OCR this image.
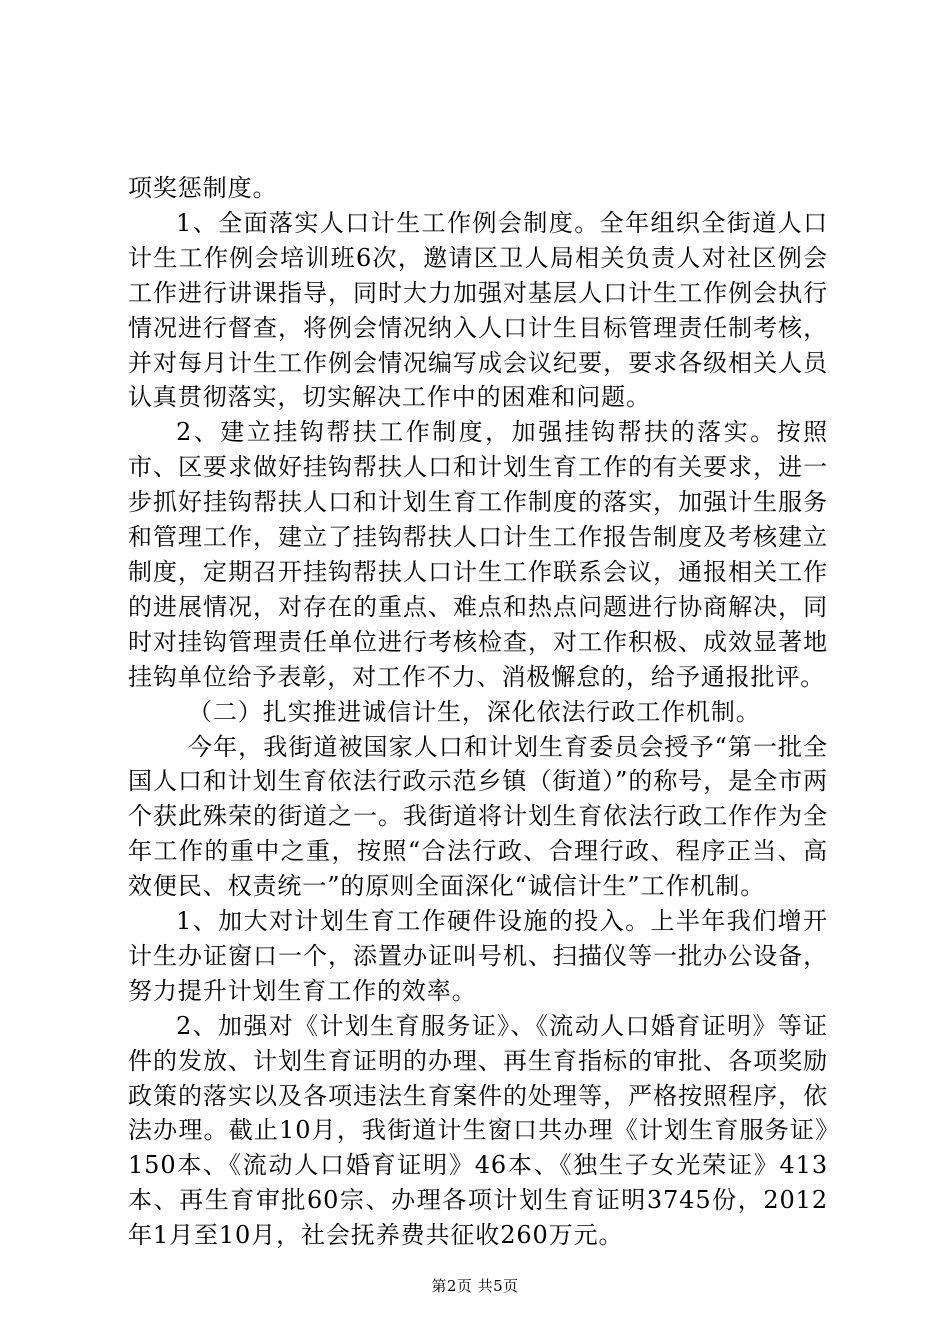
项奖惩制度。

1、全面落实人口计生工作例会制度。全年组织全街道人口计生工作例会培训班6次，邀请区卫人局相关负责人对社区例会工作进行讲课指导，同时大力加强对基层人口计生工作例会执行情况进行督查，将例会情况纳入人口计生目标管理责任制考核，并对每月计生工作例会情况编写成会议纪要，要求各级相关人员认真贯彻落实，切实解决工作中的困难和问题。

2、建立挂钩帮扶工作制度，加强挂钩帮扶的落实。按照市、区要求做好挂钩帮扶人口和计划生育工作的有关要求，进一步抓好挂钩帮扶人口和计划生育工作制度的落实，加强计生服务和管理工作，建立了挂钩帮扶人口计生工作报告制度及考核建立制度，定期召开挂钩帮扶人口计生工作联系会议，通报相关工作的进展情况，对存在的重点、难点和热点问题进行协商解决，同时对挂钩管理责任单位进行考核检查，对工作积极、成效显著地挂钩单位给予表彰，对工作不力、消极懈怠的，给予通报批评。

（二）扎实推进诚信计生，深化依法行政工作机制。

今年，我街道被国家人口和计划生育委员会授予“第一批全国人口和计划生育依法行政示范乡镇（街道）”的称号，是全市两个获此殊荣的街道之一。我街道将计划生育依法行政工作作为全年工作的重中之重，按照“合法行政、合理行政、程序正当、高效便民、权责统一”的原则全面深化“诚信计生”工作机制。

1、加大对计划生育工作硬件设施的投入。上半年我们增开计生办证窗口一个，添置办证叫号机、扫描仪等一批办公设备，努力提升计划生育工作的效率。

2、加强对《计划生育服务证》、《流动人口婚育证明》等证件的发放、计划生育证明的办理、再生育指标的审批、各项奖励政策的落实以及各项违法生育案件的处理等，严格按照程序，依法办理。截止10月，我街道计生窗口共办理《计划生育服务证》150本、《流动人口婚育证明》46本、《独生子女光荣证》413本、再生育审批60宗、办理各项计划生育证明3745份，2012年1月至10月，社会抚养费共征收260万元。

第2页 共5页
